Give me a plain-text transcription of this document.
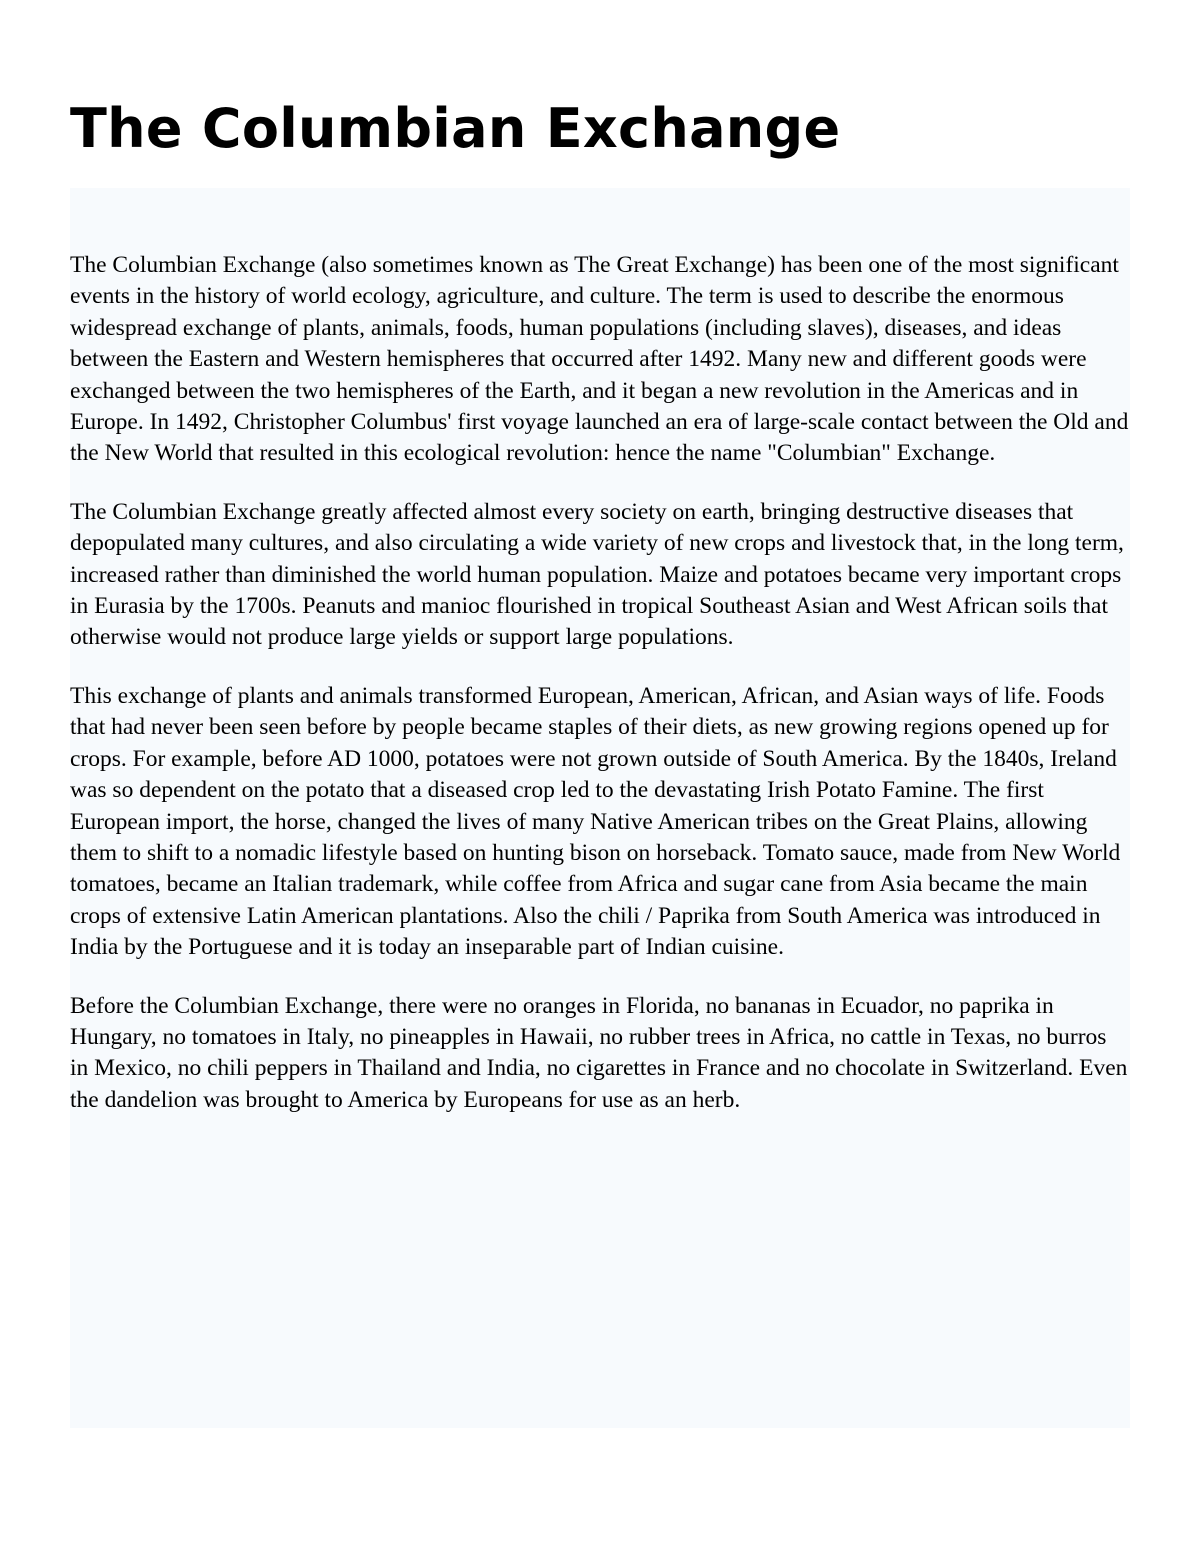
The Columbian Exchange

The Columbian Exchange (also sometimes known as The Great Exchange) has been one of the most significant events in the history of world ecology, agriculture, and culture. The term is used to describe the enormous widespread exchange of plants, animals, foods, human populations (including slaves), diseases, and ideas between the Eastern and Western hemispheres that occurred after 1492. Many new and different goods were exchanged between the two hemispheres of the Earth, and it began a new revolution in the Americas and in Europe. In 1492, Christopher Columbus' first voyage launched an era of large-scale contact between the Old and the New World that resulted in this ecological revolution: hence the name "Columbian" Exchange.

The Columbian Exchange greatly affected almost every society on earth, bringing destructive diseases that depopulated many cultures, and also circulating a wide variety of new crops and livestock that, in the long term, increased rather than diminished the world human population. Maize and potatoes became very important crops in Eurasia by the 1700s. Peanuts and manioc flourished in tropical Southeast Asian and West African soils that otherwise would not produce large yields or support large populations.

This exchange of plants and animals transformed European, American, African, and Asian ways of life. Foods that had never been seen before by people became staples of their diets, as new growing regions opened up for crops. For example, before AD 1000, potatoes were not grown outside of South America. By the 1840s, Ireland was so dependent on the potato that a diseased crop led to the devastating Irish Potato Famine. The first European import, the horse, changed the lives of many Native American tribes on the Great Plains, allowing them to shift to a nomadic lifestyle based on hunting bison on horseback. Tomato sauce, made from New World tomatoes, became an Italian trademark, while coffee from Africa and sugar cane from Asia became the main crops of extensive Latin American plantations. Also the chili / Paprika from South America was introduced in India by the Portuguese and it is today an inseparable part of Indian cuisine.

Before the Columbian Exchange, there were no oranges in Florida, no bananas in Ecuador, no paprika in Hungary, no tomatoes in Italy, no pineapples in Hawaii, no rubber trees in Africa, no cattle in Texas, no burros in Mexico, no chili peppers in Thailand and India, no cigarettes in France and no chocolate in Switzerland. Even the dandelion was brought to America by Europeans for use as an herb.
